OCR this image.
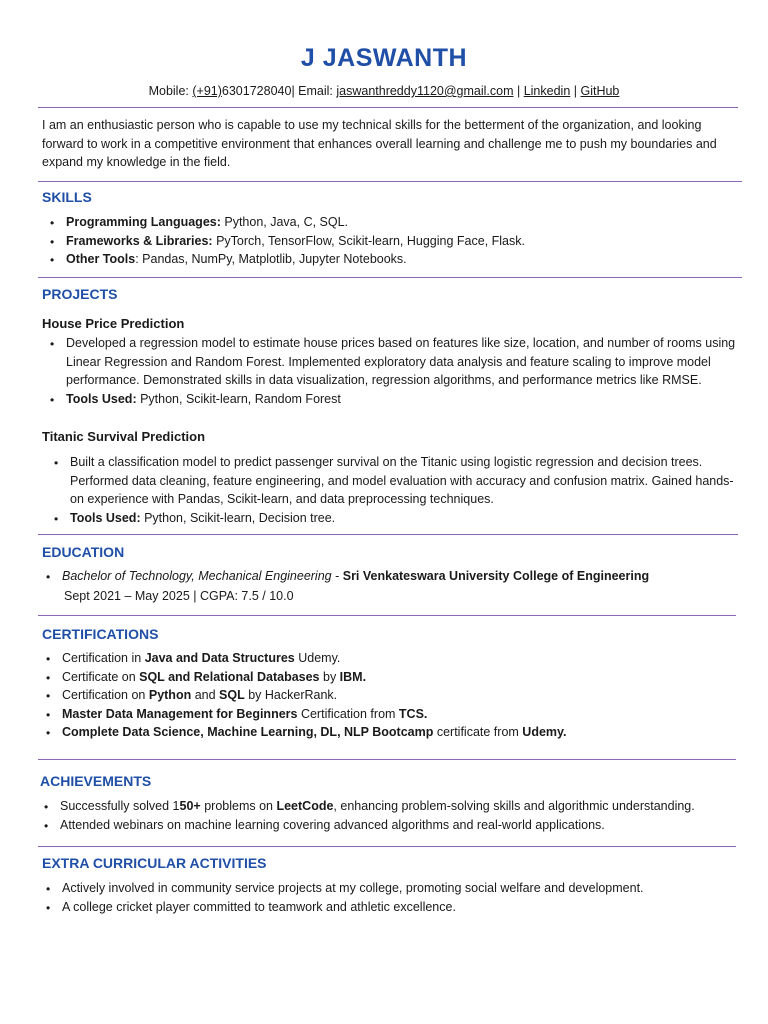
J JASWANTH
Mobile: (+91)6301728040| Email: jaswanthreddy1120@gmail.com | Linkedin | GitHub

I am an enthusiastic person who is capable to use my technical skills for the betterment of the organization, and looking forward to work in a competitive environment that enhances overall learning and challenge me to push my boundaries and expand my knowledge in the field.

SKILLS
• Programming Languages: Python, Java, C, SQL.
• Frameworks & Libraries: PyTorch, TensorFlow, Scikit-learn, Hugging Face, Flask.
• Other Tools: Pandas, NumPy, Matplotlib, Jupyter Notebooks.
PROJECTS
House Price Prediction
• Developed a regression model to estimate house prices based on features like size, location, and number of rooms using Linear Regression and Random Forest. Implemented exploratory data analysis and feature scaling to improve model performance. Demonstrated skills in data visualization, regression algorithms, and performance metrics like RMSE.
• Tools Used: Python, Scikit-learn, Random Forest
Titanic Survival Prediction
• Built a classification model to predict passenger survival on the Titanic using logistic regression and decision trees. Performed data cleaning, feature engineering, and model evaluation with accuracy and confusion matrix. Gained hands-on experience with Pandas, Scikit-learn, and data preprocessing techniques.
• Tools Used: Python, Scikit-learn, Decision tree.
EDUCATION
• Bachelor of Technology, Mechanical Engineering - Sri Venkateswara University College of Engineering
Sept 2021 – May 2025 | CGPA: 7.5 / 10.0
CERTIFICATIONS
• Certification in Java and Data Structures Udemy.
• Certificate on SQL and Relational Databases by IBM.
• Certification on Python and SQL by HackerRank.
• Master Data Management for Beginners Certification from TCS.
• Complete Data Science, Machine Learning, DL, NLP Bootcamp certificate from Udemy.
ACHIEVEMENTS
• Successfully solved 150+ problems on LeetCode, enhancing problem-solving skills and algorithmic understanding.
• Attended webinars on machine learning covering advanced algorithms and real-world applications.
EXTRA CURRICULAR ACTIVITIES
• Actively involved in community service projects at my college, promoting social welfare and development.
• A college cricket player committed to teamwork and athletic excellence.
